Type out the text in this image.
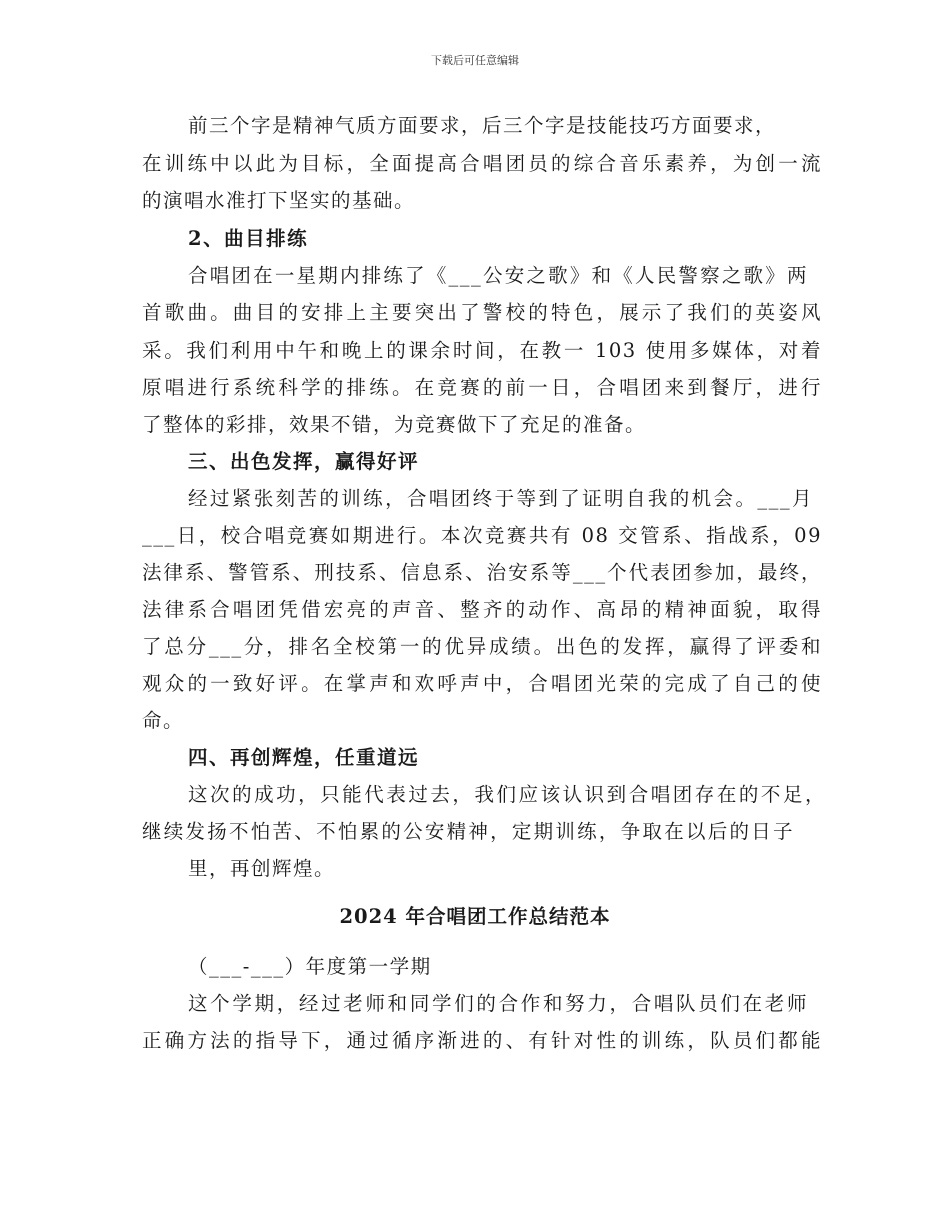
下载后可任意编辑
前三个字是精神气质方面要求，后三个字是技能技巧方面要求，
在训练中以此为目标，全面提高合唱团员的综合音乐素养，为创一流
的演唱水准打下坚实的基础。
2、曲目排练
合唱团在一星期内排练了《___公安之歌》和《人民警察之歌》两
首歌曲。曲目的安排上主要突出了警校的特色，展示了我们的英姿风
采。我们利用中午和晚上的课余时间，在教一 103 使用多媒体，对着
原唱进行系统科学的排练。在竞赛的前一日，合唱团来到餐厅，进行
了整体的彩排，效果不错，为竞赛做下了充足的准备。
三、出色发挥，赢得好评
经过紧张刻苦的训练，合唱团终于等到了证明自我的机会。___月
___日，校合唱竞赛如期进行。本次竞赛共有 08 交管系、指战系，09
法律系、警管系、刑技系、信息系、治安系等___个代表团参加，最终，
法律系合唱团凭借宏亮的声音、整齐的动作、高昂的精神面貌，取得
了总分___分，排名全校第一的优异成绩。出色的发挥，赢得了评委和
观众的一致好评。在掌声和欢呼声中，合唱团光荣的完成了自己的使
命。
四、再创辉煌，任重道远
这次的成功，只能代表过去，我们应该认识到合唱团存在的不足，
继续发扬不怕苦、不怕累的公安精神，定期训练，争取在以后的日子
里，再创辉煌。
2024 年合唱团工作总结范本
（___-___）年度第一学期
这个学期，经过老师和同学们的合作和努力，合唱队员们在老师
正确方法的指导下，通过循序渐进的、有针对性的训练，队员们都能
